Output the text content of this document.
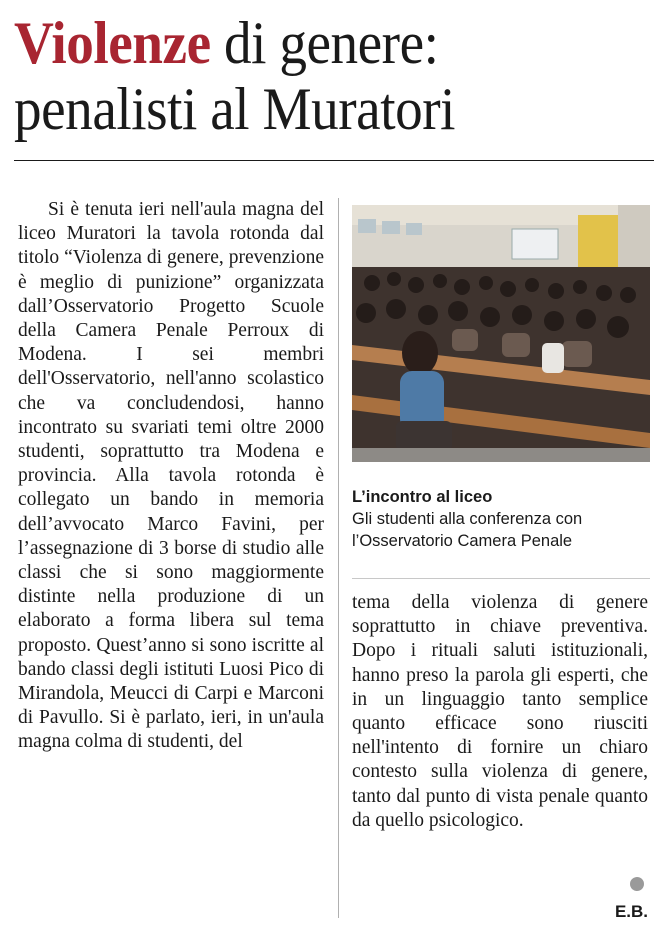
Violenze di genere:
penalisti al Muratori

Si è tenuta ieri nell'aula magna del liceo Muratori la tavola rotonda dal titolo “Violenza di genere, prevenzione è meglio di punizione” organizzata dall’Osservatorio Progetto Scuole della Camera Penale Perroux di Modena. I sei membri dell'Osservatorio, nell'anno scolastico che va concludendosi, hanno incontrato su svariati temi oltre 2000 studenti, soprattutto tra Modena e provincia. Alla tavola rotonda è collegato un bando in memoria dell’avvocato Marco Favini, per l’assegnazione di 3 borse di studio alle classi che si sono maggiormente distinte nella produzione di un elaborato a forma libera sul tema proposto. Quest’anno si sono iscritte al bando classi degli istituti Luosi Pico di Mirandola, Meucci di Carpi e Marconi di Pavullo. Si è parlato, ieri, in un'aula magna colma di studenti, del

L’incontro al liceo
Gli studenti alla conferenza con l’Osservatorio Camera Penale

tema della violenza di genere soprattutto in chiave preventiva. Dopo i rituali saluti istituzionali, hanno preso la parola gli esperti, che in un linguaggio tanto semplice quanto efficace sono riusciti nell'intento di fornire un chiaro contesto sulla violenza di genere, tanto dal punto di vista penale quanto da quello psicologico.

E.B.
